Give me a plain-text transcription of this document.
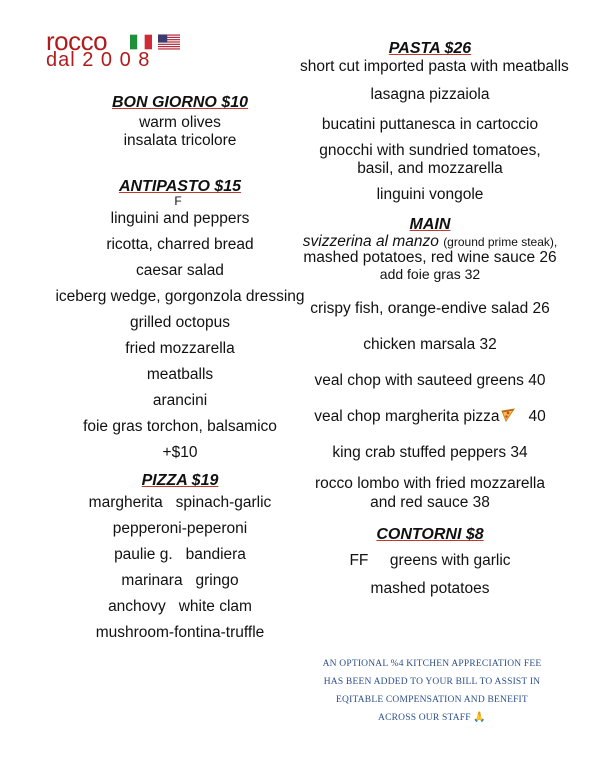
rocco
dal 2 0 0 8

BON GIORNO $10

warm olives

insalata tricolore

ANTIPASTO $15

F

linguini and peppers

ricotta, charred bread

caesar salad

iceberg wedge, gorgonzola dressing

grilled octopus

fried mozzarella

meatballs

arancini

foie gras torchon, balsamico

+$10

PIZZA $19

margherita   spinach-garlic

pepperoni-peperoni

paulie g.   bandiera

marinara   gringo

anchovy   white clam

mushroom-fontina-truffle

PASTA $26

short cut imported pasta with meatballs

lasagna pizzaiola

bucatini puttanesca in cartoccio

gnocchi with sundried tomatoes,

basil, and mozzarella

linguini vongole

MAIN

svizzerina al manzo (ground prime steak),

mashed potatoes, red wine sauce 26

add foie gras 32

crispy fish, orange-endive salad 26

chicken marsala 32

veal chop with sauteed greens 40

veal chop margherita pizza 40

king crab stuffed peppers 34

rocco lombo with fried mozzarella

and red sauce 38

CONTORNI $8

FF     greens with garlic

mashed potatoes

AN OPTIONAL %4 KITCHEN APPRECIATION FEE
HAS BEEN ADDED TO YOUR BILL TO ASSIST IN
EQITABLE COMPENSATION AND BENEFIT
ACROSS OUR STAFF 🙏
